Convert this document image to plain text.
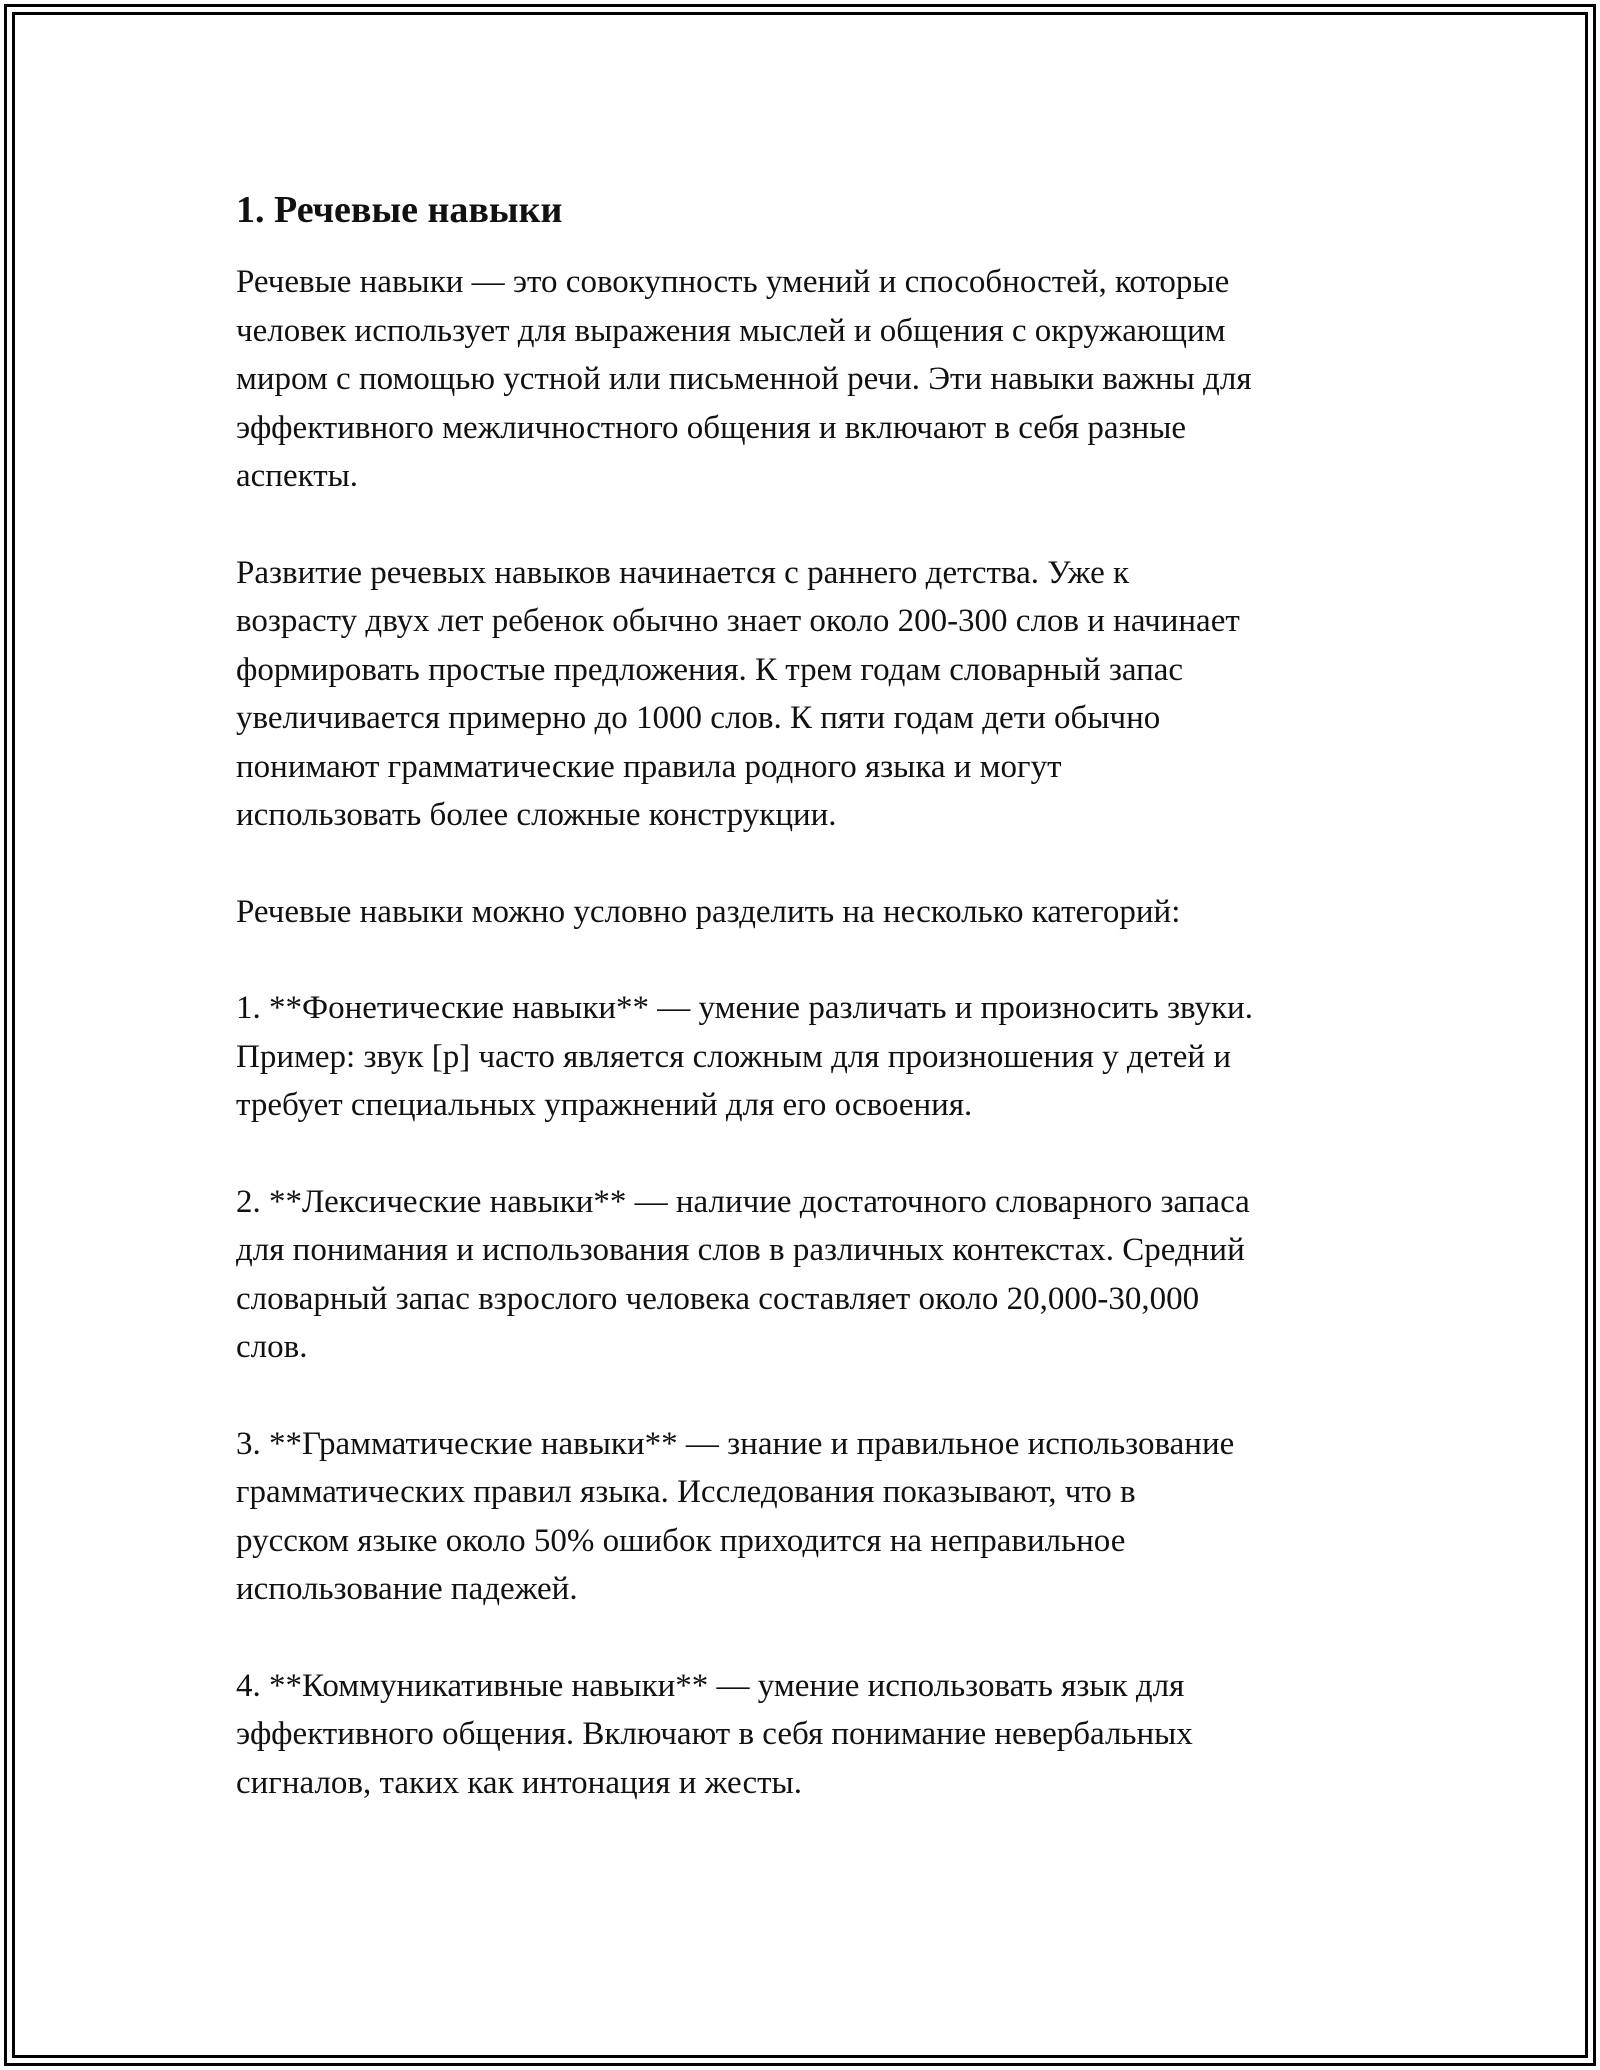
1. Речевые навыки
Речевые навыки — это совокупность умений и способностей, которые
человек использует для выражения мыслей и общения с окружающим
миром с помощью устной или письменной речи. Эти навыки важны для
эффективного межличностного общения и включают в себя разные
аспекты.
Развитие речевых навыков начинается с раннего детства. Уже к
возрасту двух лет ребенок обычно знает около 200-300 слов и начинает
формировать простые предложения. К трем годам словарный запас
увеличивается примерно до 1000 слов. К пяти годам дети обычно
понимают грамматические правила родного языка и могут
использовать более сложные конструкции.
Речевые навыки можно условно разделить на несколько категорий:
1. **Фонетические навыки** — умение различать и произносить звуки.
Пример: звук [р] часто является сложным для произношения у детей и
требует специальных упражнений для его освоения.
2. **Лексические навыки** — наличие достаточного словарного запаса
для понимания и использования слов в различных контекстах. Средний
словарный запас взрослого человека составляет около 20,000-30,000
слов.
3. **Грамматические навыки** — знание и правильное использование
грамматических правил языка. Исследования показывают, что в
русском языке около 50% ошибок приходится на неправильное
использование падежей.
4. **Коммуникативные навыки** — умение использовать язык для
эффективного общения. Включают в себя понимание невербальных
сигналов, таких как интонация и жесты.
